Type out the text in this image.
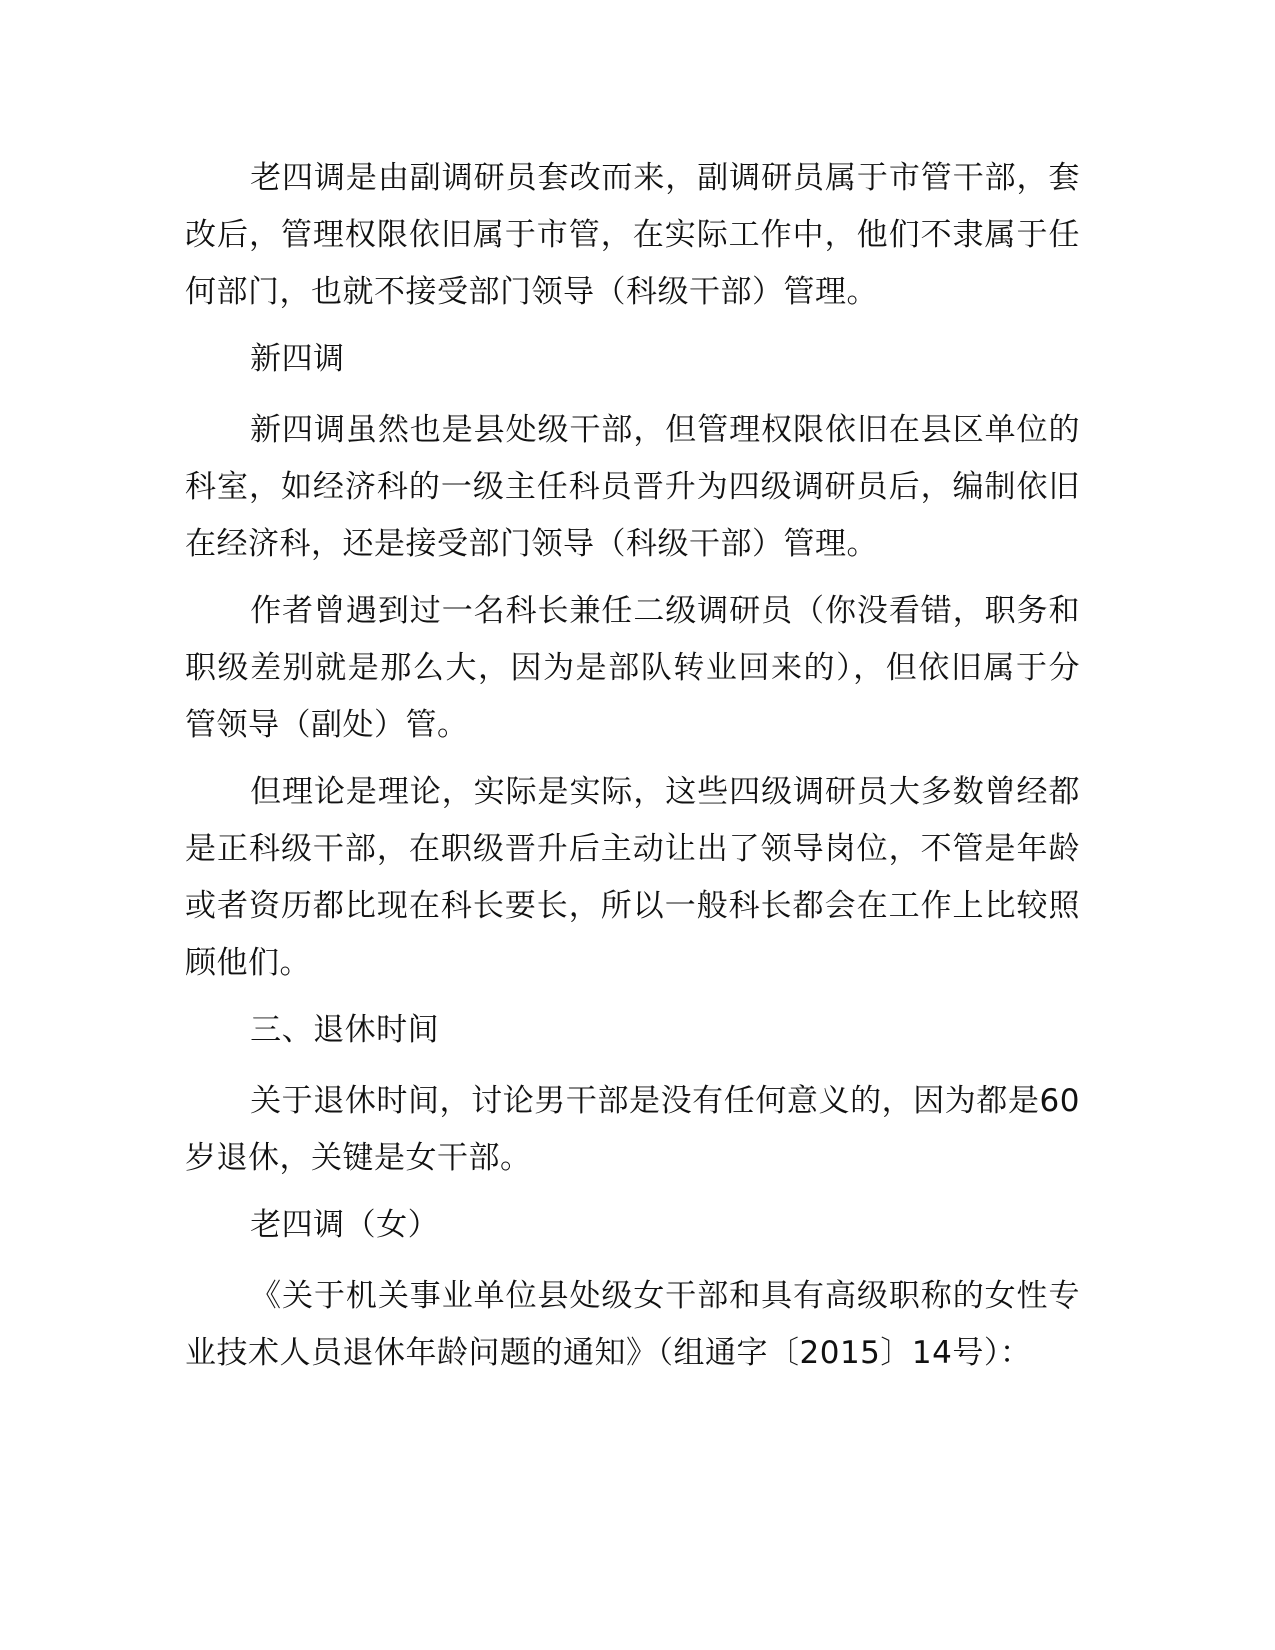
老四调是由副调研员套改而来，副调研员属于市管干部，套改后，管理权限依旧属于市管，在实际工作中，他们不隶属于任何部门，也就不接受部门领导（科级干部）管理。

新四调

新四调虽然也是县处级干部，但管理权限依旧在县区单位的科室，如经济科的一级主任科员晋升为四级调研员后，编制依旧在经济科，还是接受部门领导（科级干部）管理。

作者曾遇到过一名科长兼任二级调研员（你没看错，职务和职级差别就是那么大，因为是部队转业回来的），但依旧属于分管领导（副处）管。

但理论是理论，实际是实际，这些四级调研员大多数曾经都是正科级干部，在职级晋升后主动让出了领导岗位，不管是年龄或者资历都比现在科长要长，所以一般科长都会在工作上比较照顾他们。

三、退休时间

关于退休时间，讨论男干部是没有任何意义的，因为都是60岁退休，关键是女干部。

老四调（女）

《关于机关事业单位县处级女干部和具有高级职称的女性专业技术人员退休年龄问题的通知》（组通字〔2015〕14号）：
